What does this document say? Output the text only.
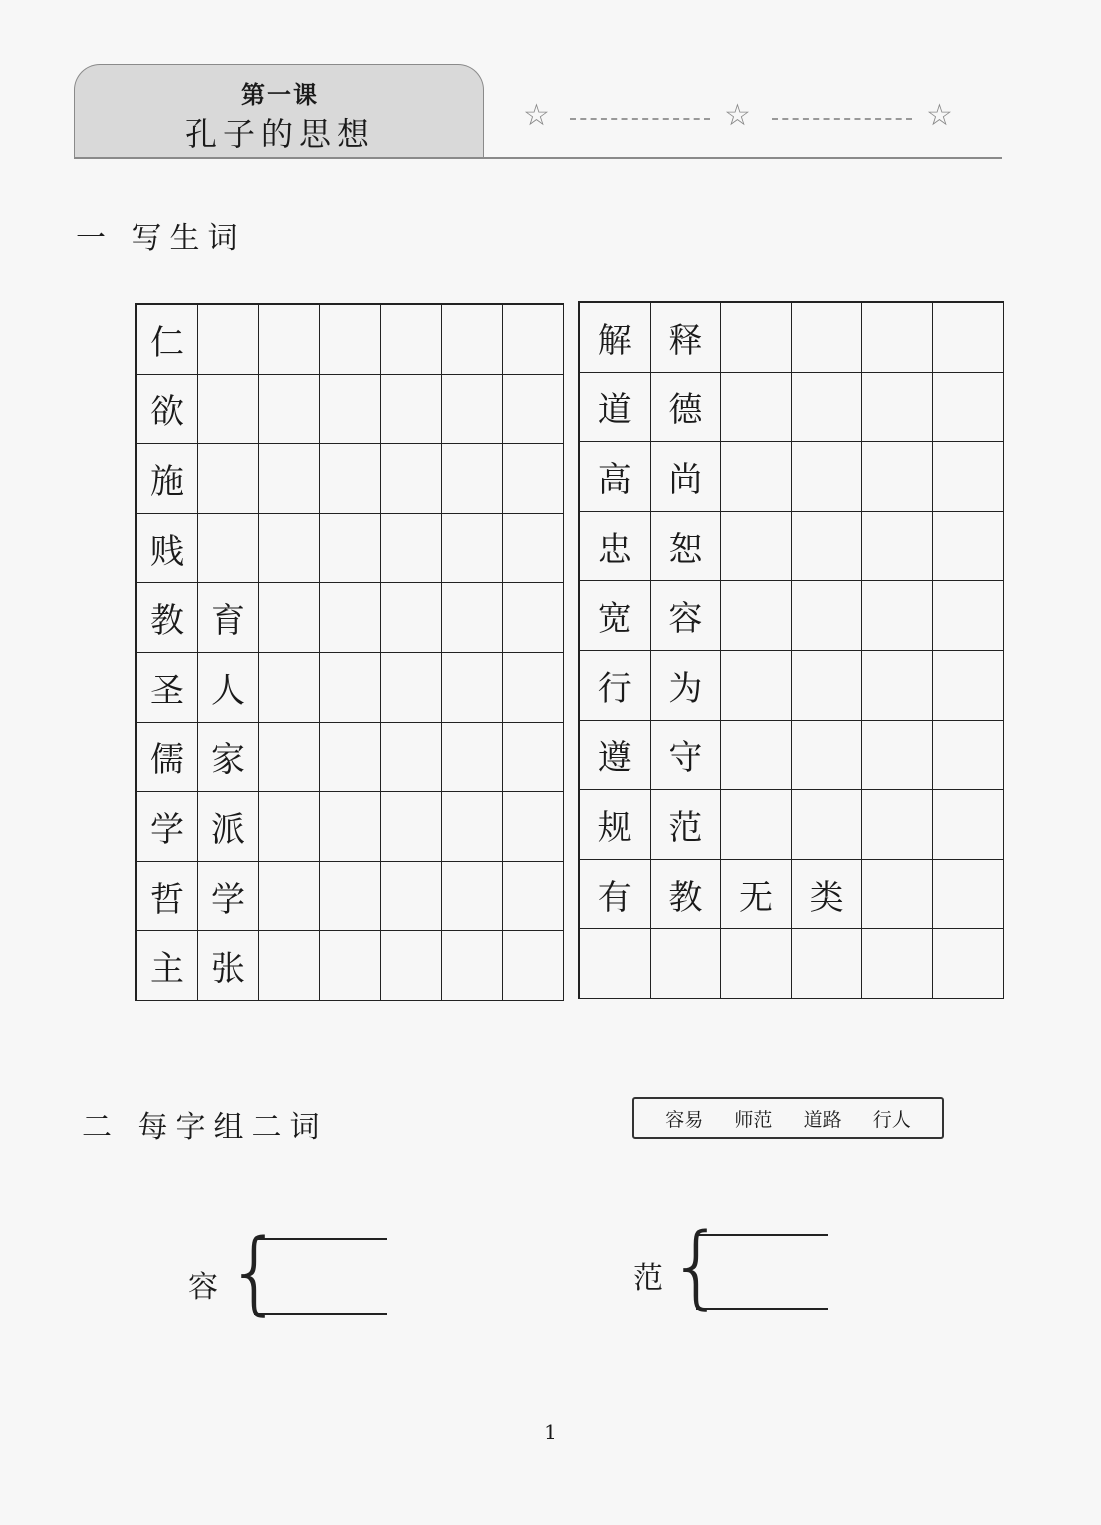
第一课
孔子的思想	☆	☆	☆
一 写生词
仁
欲
施
贱
教 育
圣 人
儒 家
学 派
哲 学
主 张
解	释
道	德
高	尚
忠	恕
宽	容
行	为
遵	守
规	范
有	教	无	类
二 每字组二词	容易 师范 道路 行人
容 {	范 {
1
